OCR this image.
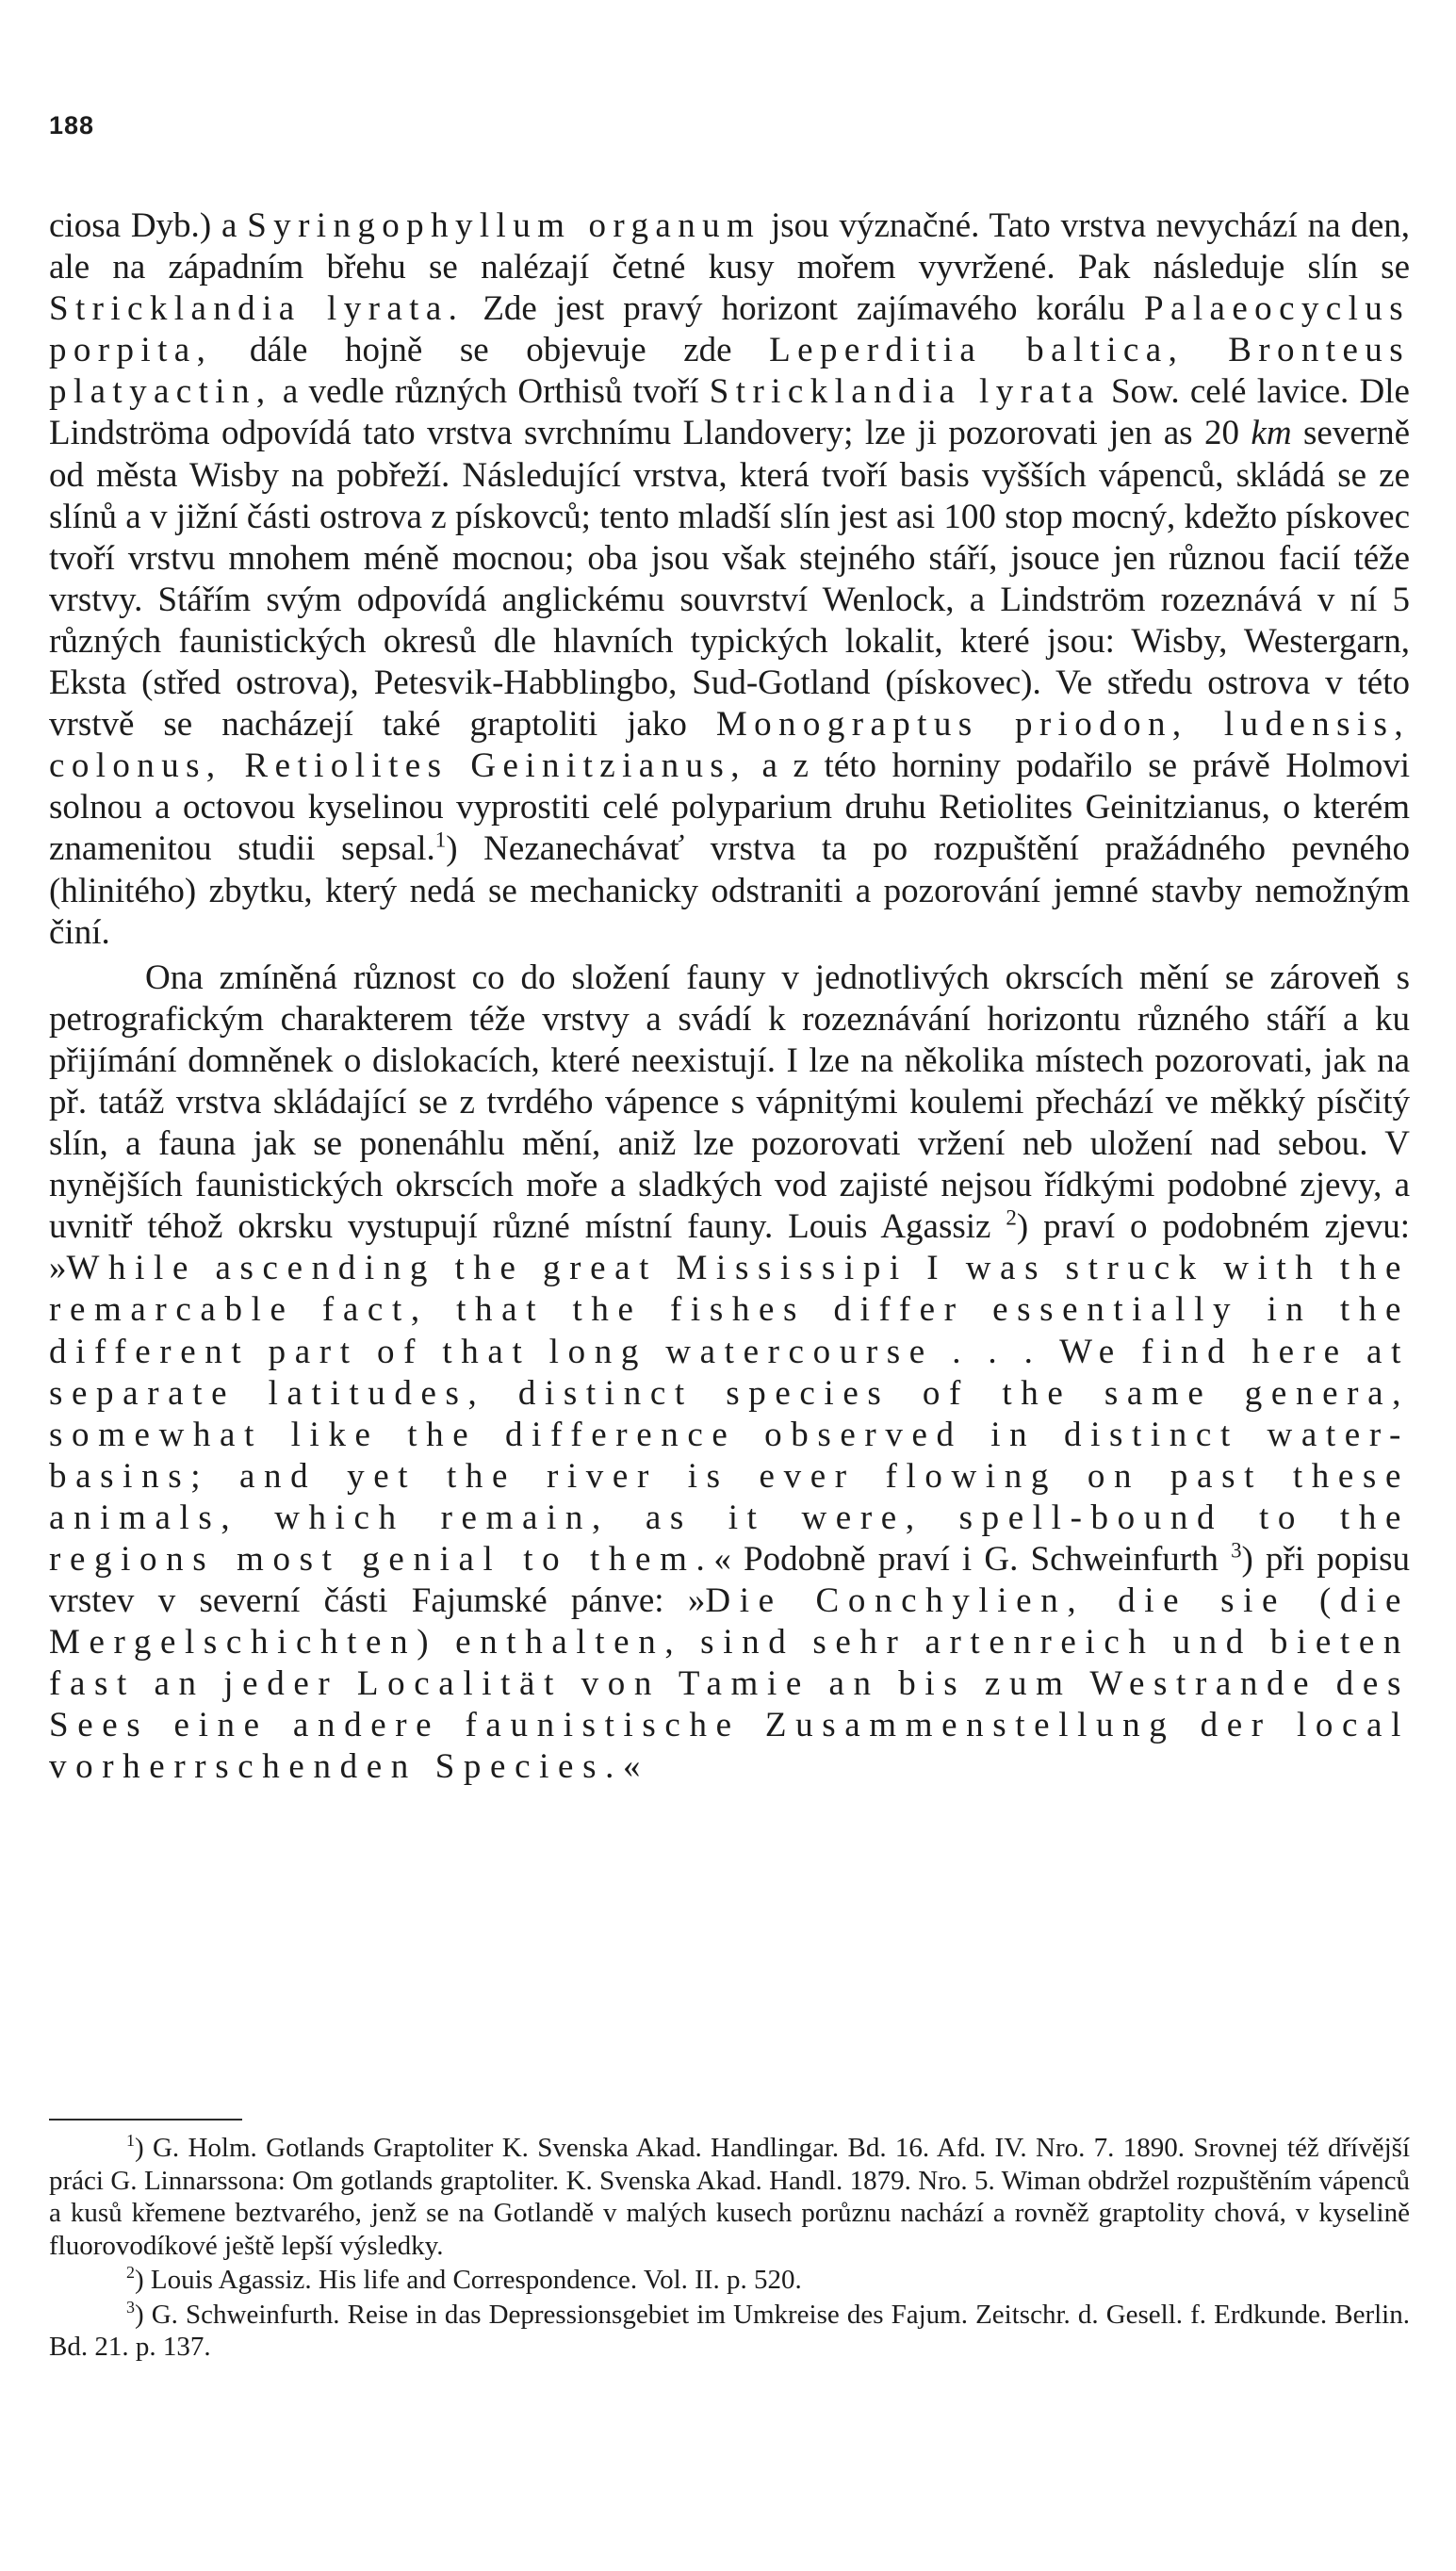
188

ciosa Dyb.) a Syringophyllum organum jsou význačné. Tato vrstva nevychází na den, ale na západním břehu se nalézají četné kusy mořem vyvržené. Pak následuje slín se Stricklandia lyrata. Zde jest pravý horizont zajímavého korálu Palaeocyclus porpita, dále hojně se objevuje zde Leperditia baltica, Bronteus platyactin, a vedle různých Orthisů tvoří Stricklandia lyrata Sow. celé lavice. Dle Lindströma odpovídá tato vrstva svrchnímu Llandovery; lze ji pozorovati jen as 20 km severně od města Wisby na pobřeží. Následující vrstva, která tvoří basis vyšších vápenců, skládá se ze slínů a v jižní části ostrova z pískovců; tento mladší slín jest asi 100 stop mocný, kdežto pískovec tvoří vrstvu mnohem méně mocnou; oba jsou však stejného stáří, jsouce jen různou facií téže vrstvy. Stářím svým odpovídá anglickému souvrství Wenlock, a Lindström rozeznává v ní 5 různých faunistických okresů dle hlavních typických lokalit, které jsou: Wisby, Westergarn, Eksta (střed ostrova), Petesvik-Habblingbo, Sud-Gotland (pískovec). Ve středu ostrova v této vrstvě se nacházejí také graptoliti jako Monograptus priodon, ludensis, colonus, Retiolites Geinitzianus, a z této horniny podařilo se právě Holmovi solnou a octovou kyselinou vyprostiti celé polyparium druhu Retiolites Geinitzianus, o kterém znamenitou studii sepsal.$^1$) Nezanechávať vrstva ta po rozpuštění pražádného pevného (hlinitého) zbytku, který nedá se mechanicky odstraniti a pozorování jemné stavby nemožným činí.

Ona zmíněná různost co do složení fauny v jednotlivých okrscích mění se zároveň s petrografickým charakterem téže vrstvy a svádí k rozeznávání horizontu různého stáří a ku přijímání domněnek o dislokacích, které neexistují. I lze na několika místech pozorovati, jak na př. tatáž vrstva skládající se z tvrdého vápence s vápnitými koulemi přechází ve měkký písčitý slín, a fauna jak se ponenáhlu mění, aniž lze pozorovati vržení neb uložení nad sebou. V nynějších faunistických okrscích moře a sladkých vod zajisté nejsou řídkými podobné zjevy, a uvnitř téhož okrsku vystupují různé místní fauny. Louis Agassiz $^2$) praví o podobném zjevu: »While ascending the great Mississipi I was struck with the remarcable fact, that the fishes differ essentially in the different part of that long watercourse . . . We find here at separate latitudes, distinct species of the same genera, somewhat like the difference observed in distinct water-basins; and yet the river is ever flowing on past these animals, which remain, as it were, spell-bound to the regions most genial to them.« Podobně praví i G. Schweinfurth $^3$) při popisu vrstev v severní části Fajumské pánve: »Die Conchylien, die sie (die Mergelschichten) enthalten, sind sehr artenreich und bieten fast an jeder Localität von Tamie an bis zum Westrande des Sees eine andere faunistische Zusammenstellung der local vorherrschenden Species.«

$^1$) G. Holm. Gotlands Graptoliter K. Svenska Akad. Handlingar. Bd. 16. Afd. IV. Nro. 7. 1890. Srovnej též dřívější práci G. Linnarssona: Om gotlands graptoliter. K. Svenska Akad. Handl. 1879. Nro. 5. Wiman obdržel rozpuštěním vápenců a kusů křemene beztvarého, jenž se na Gotlandě v malých kusech porůznu nachází a rovněž graptolity chová, v kyselině fluorovodíkové ještě lepší výsledky.

$^2$) Louis Agassiz. His life and Correspondence. Vol. II. p. 520.

$^3$) G. Schweinfurth. Reise in das Depressionsgebiet im Umkreise des Fajum. Zeitschr. d. Gesell. f. Erdkunde. Berlin. Bd. 21. p. 137.
